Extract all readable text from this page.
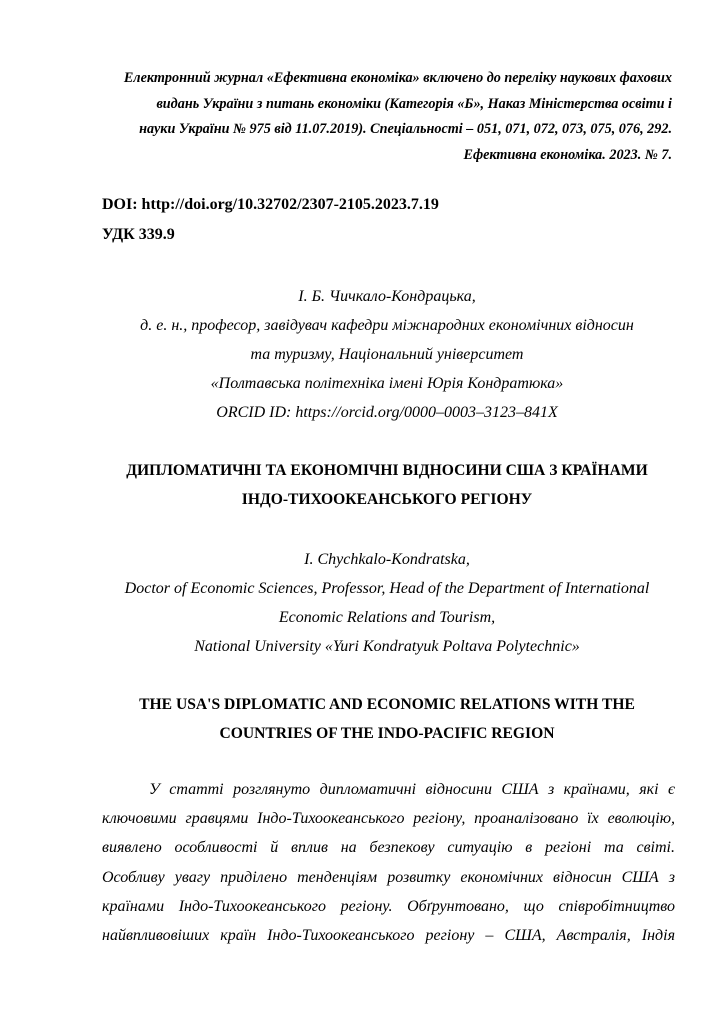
Електронний журнал «Ефективна економіка» включено до переліку наукових фахових
видань України з питань економіки (Категорія «Б», Наказ Міністерства освіти і
науки України № 975 від 11.07.2019). Спеціальності – 051, 071, 072, 073, 075, 076, 292.
Ефективна економіка. 2023. № 7.
DOI: http://doi.org/10.32702/2307-2105.2023.7.19
УДК 339.9
І. Б. Чичкало-Кондрацька,
д. е. н., професор, завідувач кафедри міжнародних економічних відносин
та туризму, Національний університет
«Полтавська політехніка імені Юрія Кондратюка»
ORCID ID: https://orcid.org/0000–0003–3123–841X
ДИПЛОМАТИЧНІ ТА ЕКОНОМІЧНІ ВІДНОСИНИ США З КРАЇНАМИ
ІНДО-ТИХООКЕАНСЬКОГО РЕГІОНУ
I. Chychkalo-Kondratska,
Doctor of Economic Sciences, Professor, Head of the Department of International
Economic Relations and Tourism,
National University «Yuri Kondratyuk Poltava Polytechnic»
THE USA'S DIPLOMATIC AND ECONOMIC RELATIONS WITH THE
COUNTRIES OF THE INDO-PACIFIC REGION
У статті розглянуто дипломатичні відносини США з країнами, які є
ключовими гравцями Індо-Тихоокеанського регіону, проаналізовано їх еволюцію,
виявлено особливості й вплив на безпекову ситуацію в регіоні та світі.
Особливу увагу приділено тенденціям розвитку економічних відносин США з
країнами Індо-Тихоокеанського регіону. Обґрунтовано, що співробітництво
найвпливовіших країн Індо-Тихоокеанського регіону – США, Австралія, Індія
